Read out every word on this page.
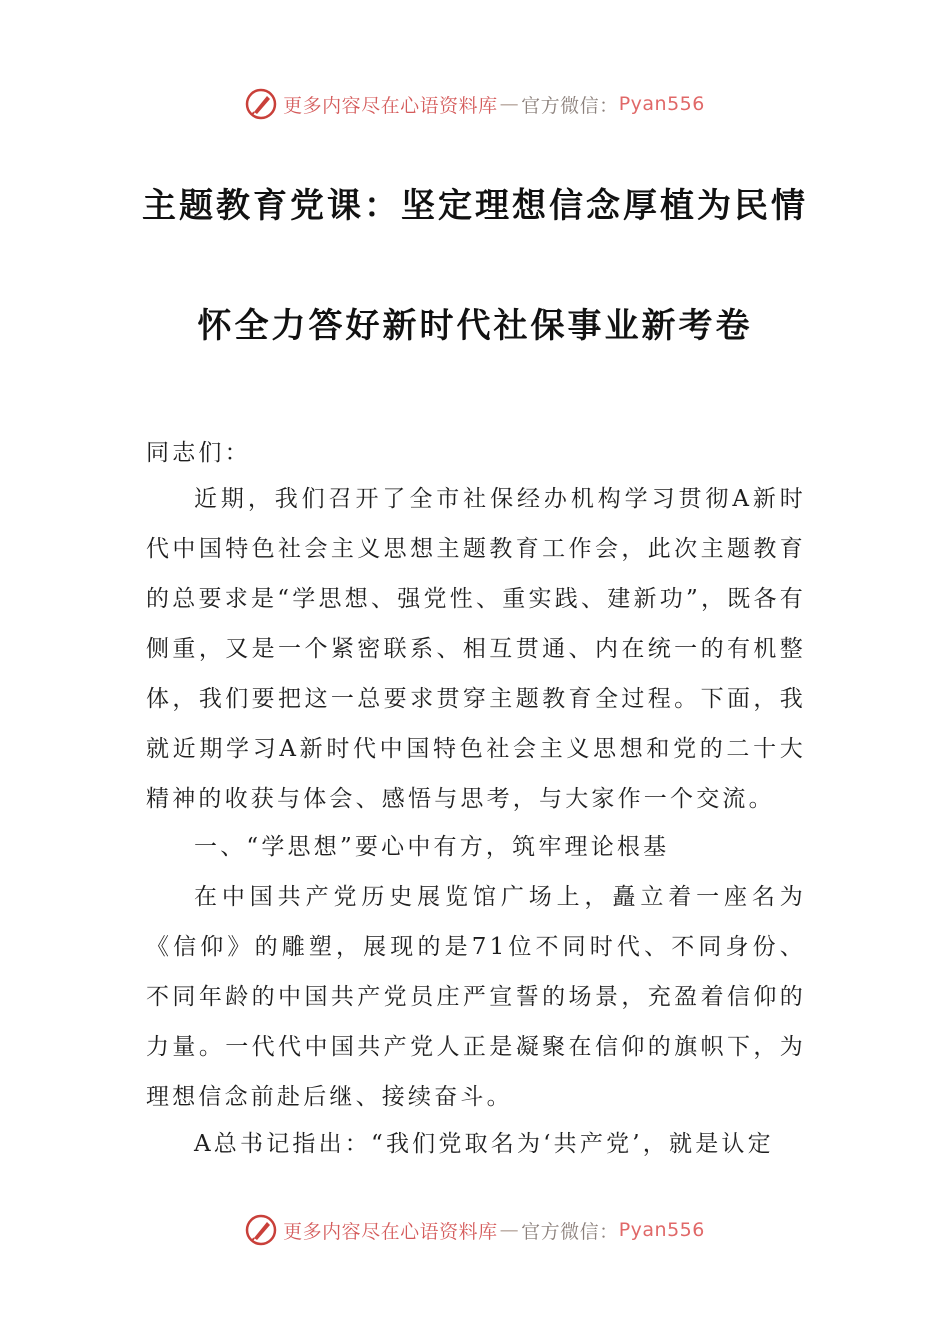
更多内容尽在心语资料库 — 官方微信： Pyan556
主题教育党课：坚定理想信念厚植为民情
怀全力答好新时代社保事业新考卷

同志们：

近期，我们召开了全市社保经办机构学习贯彻A新时代中国特色社会主义思想主题教育工作会，此次主题教育的总要求是“学思想、强党性、重实践、建新功”，既各有侧重，又是一个紧密联系、相互贯通、内在统一的有机整体，我们要把这一总要求贯穿主题教育全过程。下面，我就近期学习A新时代中国特色社会主义思想和党的二十大精神的收获与体会、感悟与思考，与大家作一个交流。

一、“学思想”要心中有方，筑牢理论根基

在中国共产党历史展览馆广场上，矗立着一座名为《信仰》的雕塑，展现的是71位不同时代、不同身份、不同年龄的中国共产党员庄严宣誓的场景，充盈着信仰的力量。一代代中国共产党人正是凝聚在信仰的旗帜下，为理想信念前赴后继、接续奋斗。

A总书记指出：“我们党取名为‘共产党’，就是认定

更多内容尽在心语资料库 — 官方微信： Pyan556
